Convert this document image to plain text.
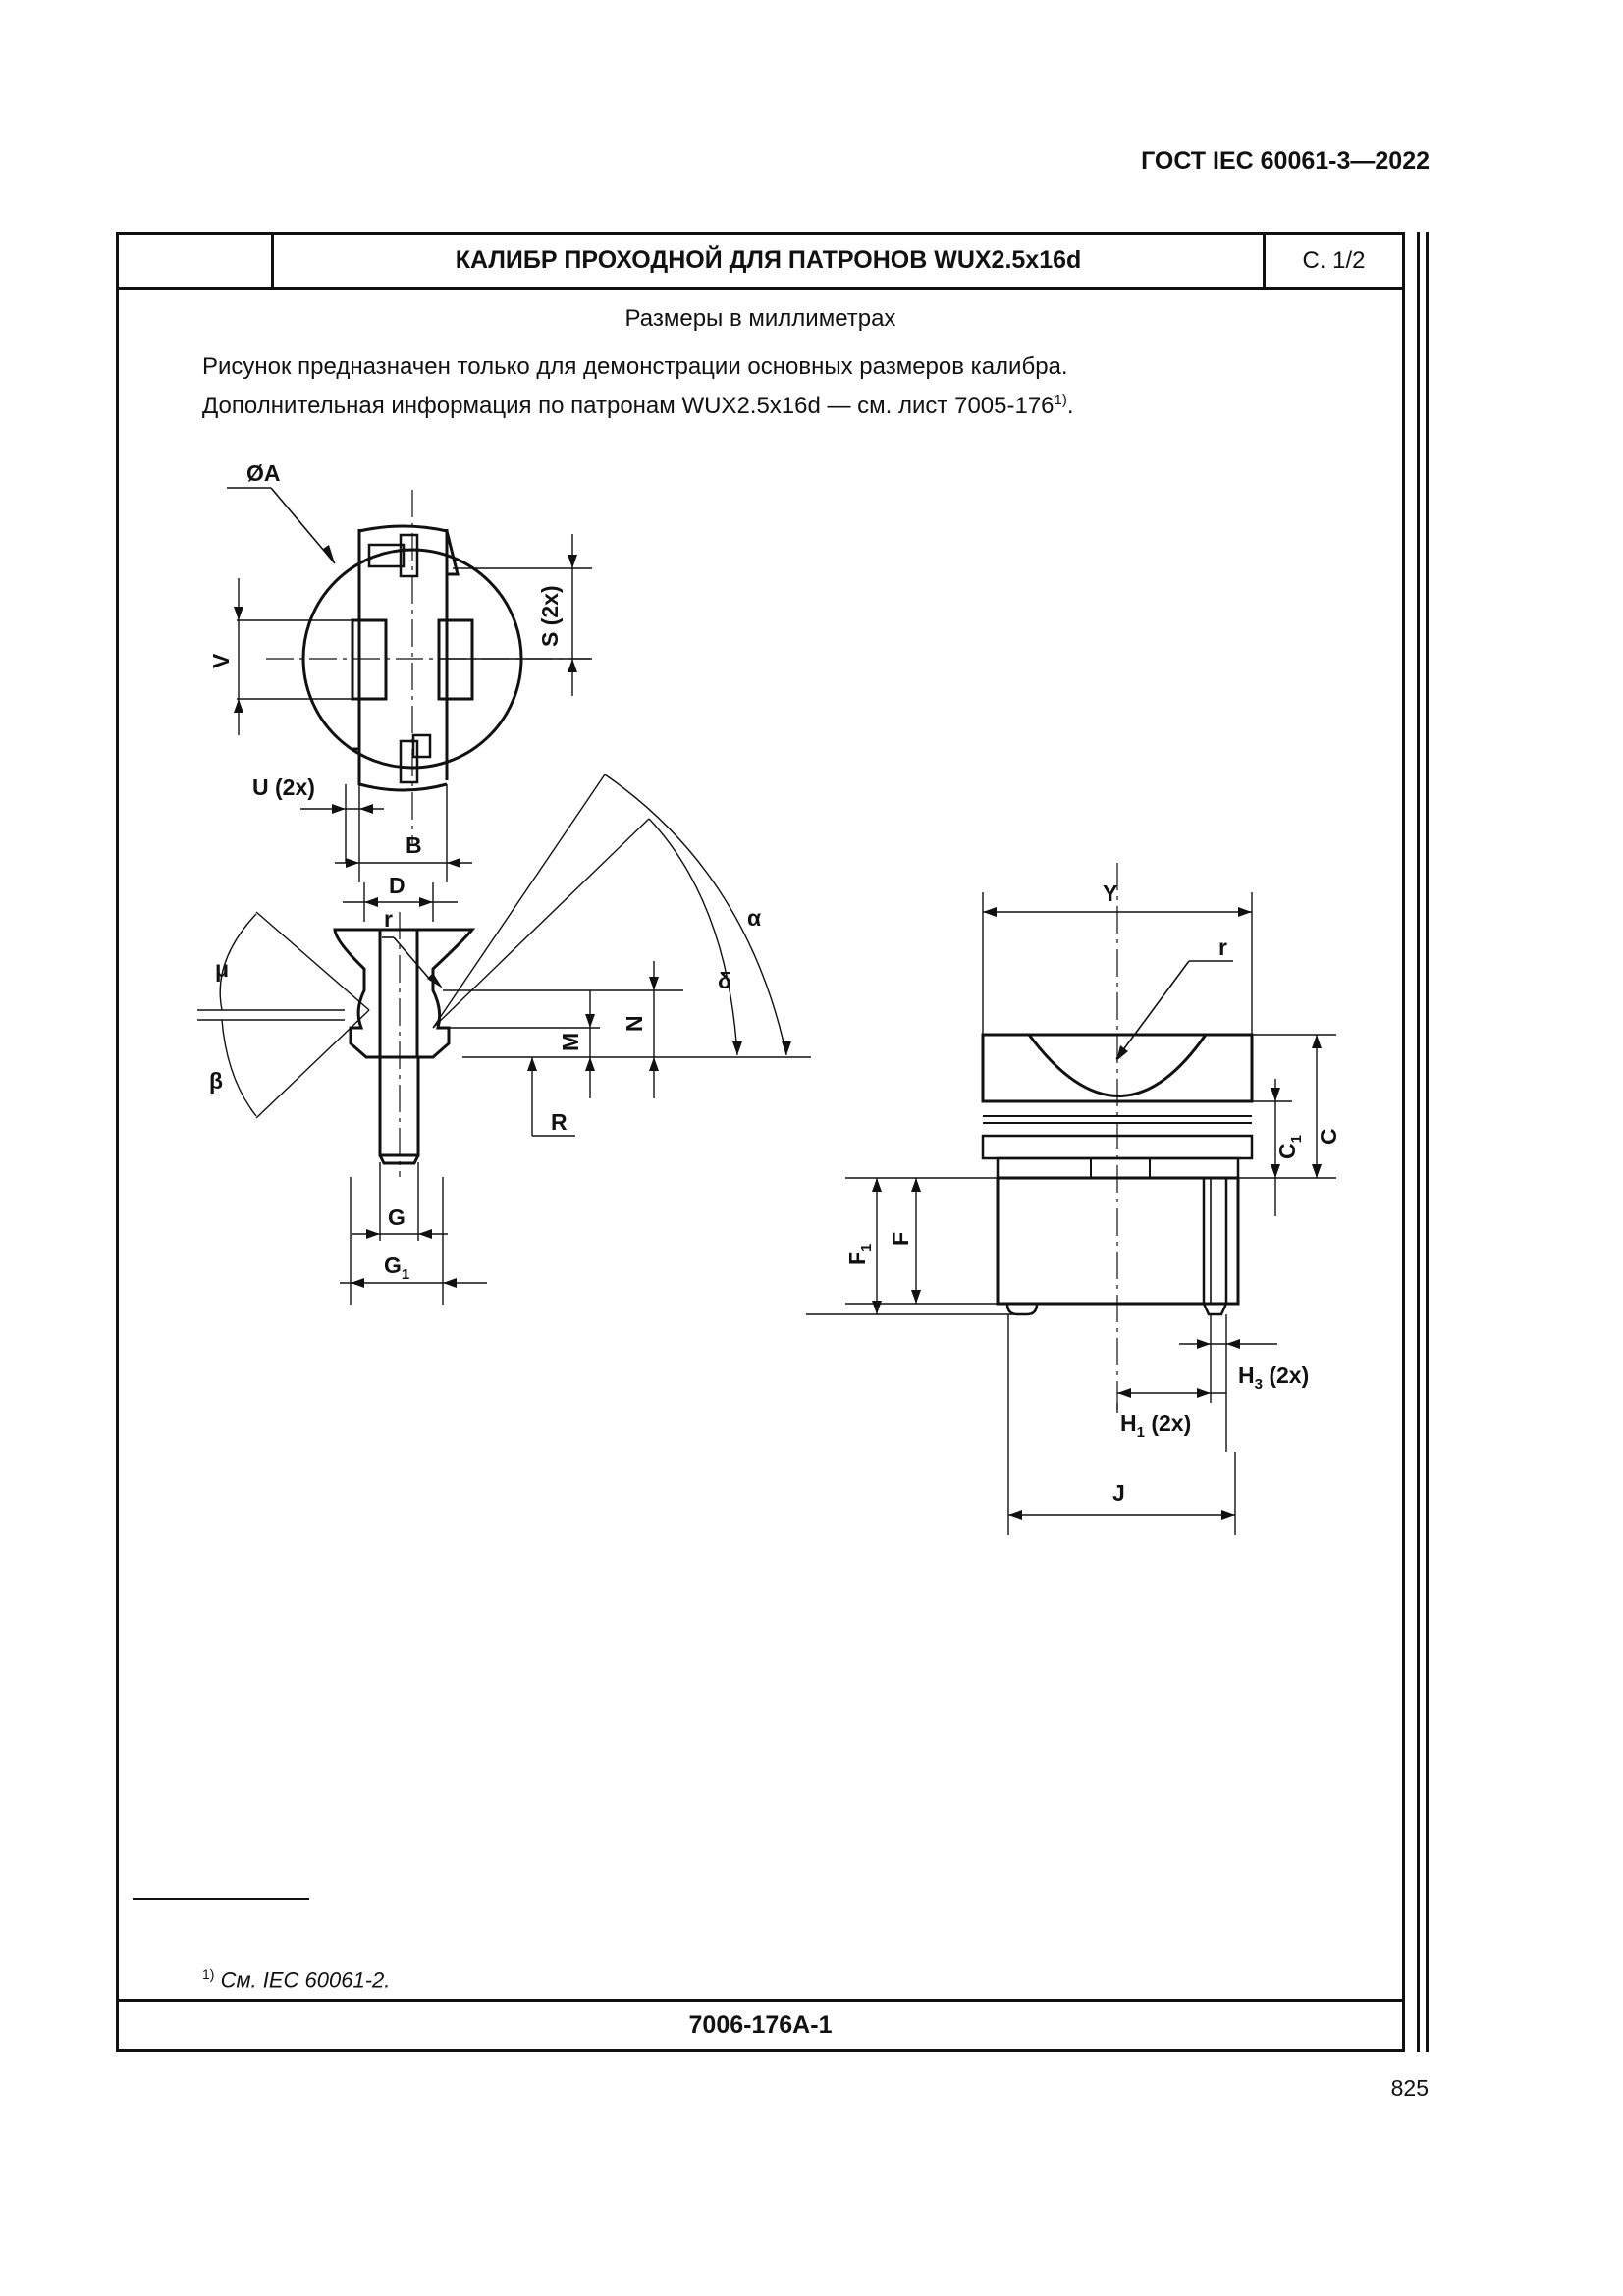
ГОСТ IEC 60061-3—2022
КАЛИБР ПРОХОДНОЙ ДЛЯ ПАТРОНОВ WUX2.5x16d	С. 1/2
Размеры в миллиметрах
Рисунок предназначен только для демонстрации основных размеров калибра.
Дополнительная информация по патронам WUX2.5x16d — см. лист 7005-176$^{1)}$.
ØA
S (2x)
V
U (2x)
B
D
r
μ
β
α
δ
M
N
R
G
$G_1$
Y
r
C
$C_1$
F
$F_1$
$H_3$ (2x)
$H_1$ (2x)
J
$^{1)}$ См. IEC 60061-2.
7006-176A-1
825
